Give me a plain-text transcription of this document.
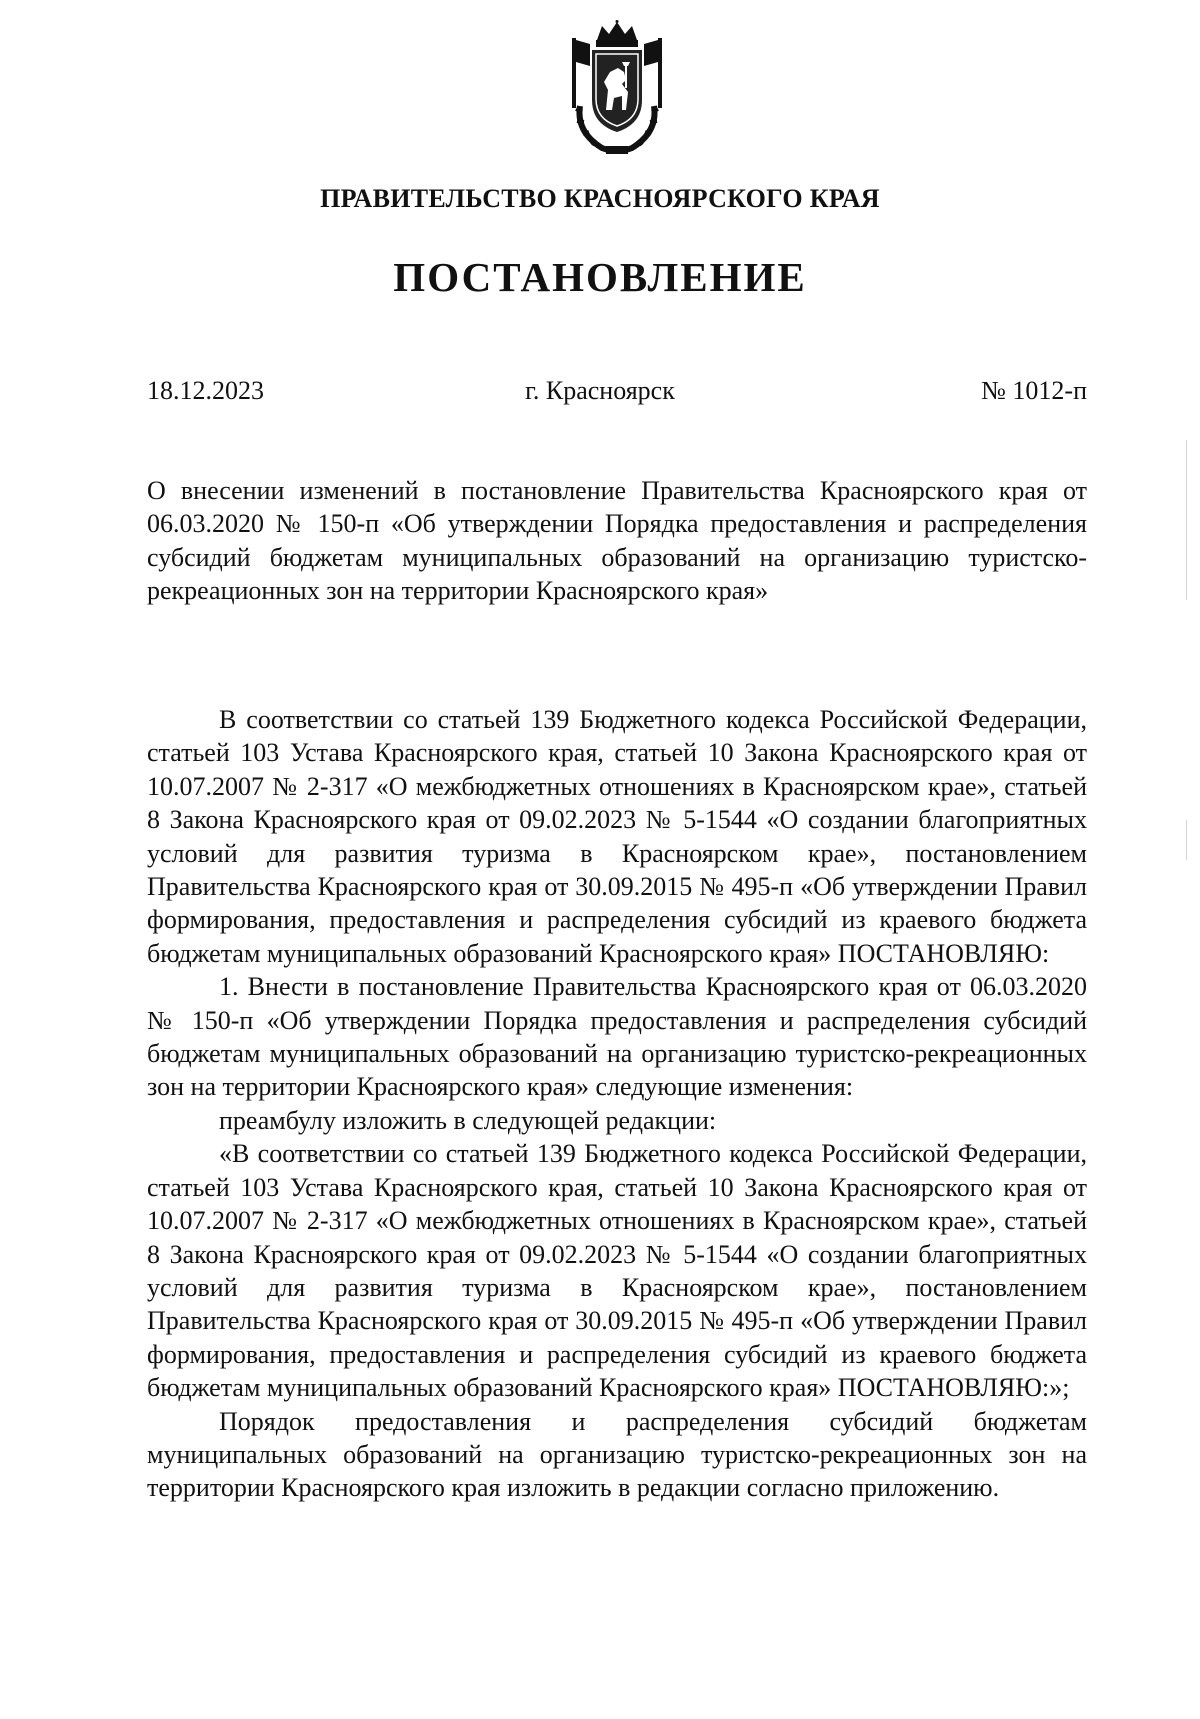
ПРАВИТЕЛЬСТВО КРАСНОЯРСКОГО КРАЯ
ПОСТАНОВЛЕНИЕ
18.12.2023	г. Красноярск	№ 1012-п

О внесении изменений в постановление Правительства Красноярского края от 06.03.2020 № 150-п «Об утверждении Порядка предоставления и распределения субсидий бюджетам муниципальных образований на организацию туристско-рекреационных зон на территории Красноярского края»

В соответствии со статьей 139 Бюджетного кодекса Российской Федерации, статьей 103 Устава Красноярского края, статьей 10 Закона Красноярского края от 10.07.2007 № 2-317 «О межбюджетных отношениях в Красноярском крае», статьей 8 Закона Красноярского края от 09.02.2023 № 5-1544 «О создании благоприятных условий для развития туризма в Красноярском крае», постановлением Правительства Красноярского края от 30.09.2015 № 495-п «Об утверждении Правил формирования, предоставления и распределения субсидий из краевого бюджета бюджетам муниципальных образований Красноярского края» ПОСТАНОВЛЯЮ:

1. Внести в постановление Правительства Красноярского края от 06.03.2020 № 150-п «Об утверждении Порядка предоставления и распределения субсидий бюджетам муниципальных образований на организацию туристско-рекреационных зон на территории Красноярского края» следующие изменения:

преамбулу изложить в следующей редакции:

«В соответствии со статьей 139 Бюджетного кодекса Российской Федерации, статьей 103 Устава Красноярского края, статьей 10 Закона Красноярского края от 10.07.2007 № 2-317 «О межбюджетных отношениях в Красноярском крае», статьей 8 Закона Красноярского края от 09.02.2023 № 5-1544 «О создании благоприятных условий для развития туризма в Красноярском крае», постановлением Правительства Красноярского края от 30.09.2015 № 495-п «Об утверждении Правил формирования, предоставления и распределения субсидий из краевого бюджета бюджетам муниципальных образований Красноярского края» ПОСТАНОВЛЯЮ:»;

Порядок предоставления и распределения субсидий бюджетам муниципальных образований на организацию туристско-рекреационных зон на территории Красноярского края изложить в редакции согласно приложению.
